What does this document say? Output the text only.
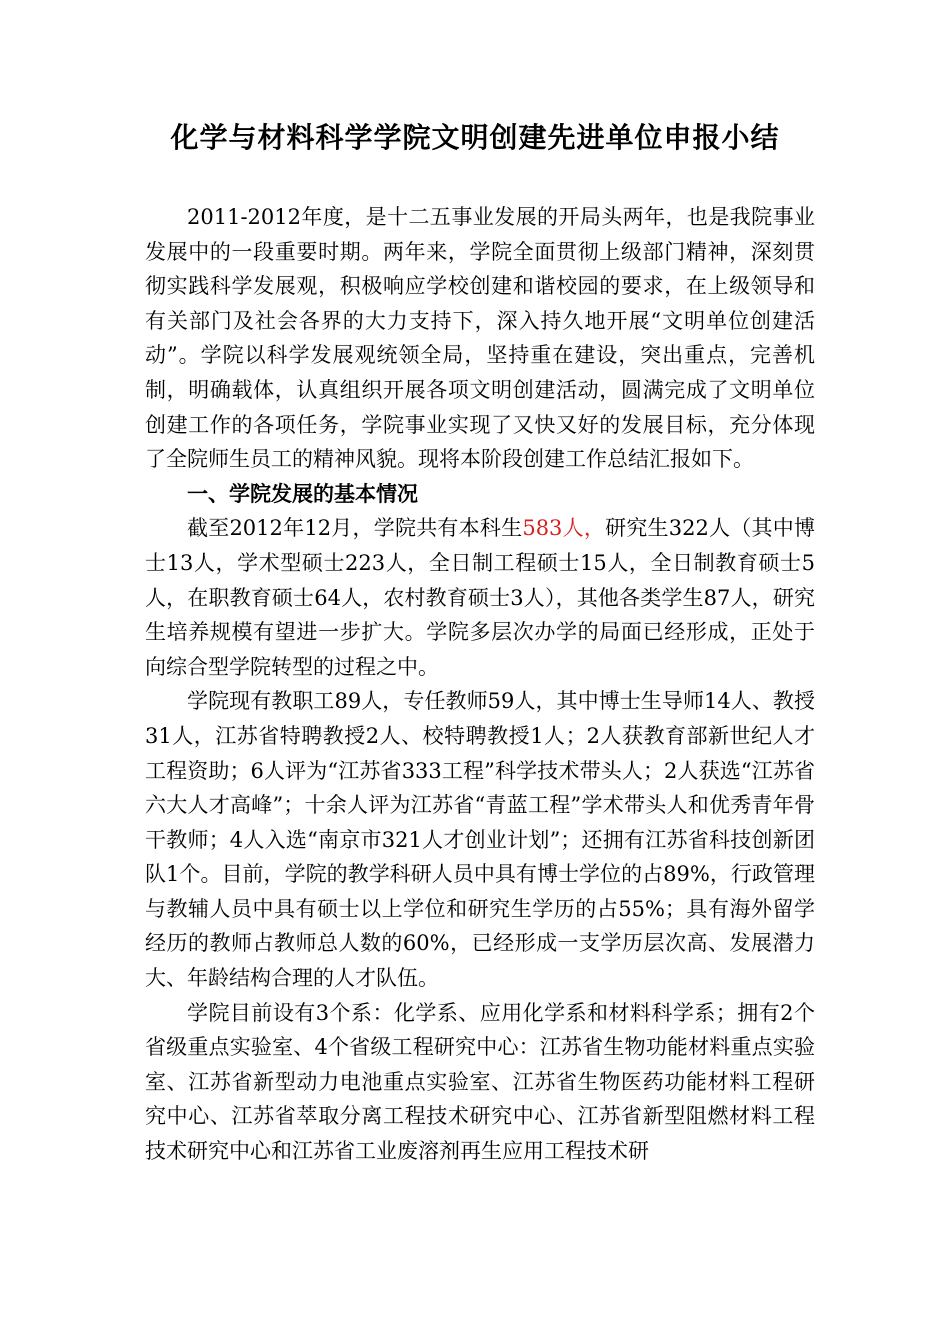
化学与材料科学学院文明创建先进单位申报小结

2011-2012年度，是十二五事业发展的开局头两年，也是我院事业发展中的一段重要时期。两年来，学院全面贯彻上级部门精神，深刻贯彻实践科学发展观，积极响应学校创建和谐校园的要求，在上级领导和有关部门及社会各界的大力支持下，深入持久地开展“文明单位创建活动”。学院以科学发展观统领全局，坚持重在建设，突出重点，完善机制，明确载体，认真组织开展各项文明创建活动，圆满完成了文明单位创建工作的各项任务，学院事业实现了又快又好的发展目标，充分体现了全院师生员工的精神风貌。现将本阶段创建工作总结汇报如下。

一、学院发展的基本情况

截至2012年12月，学院共有本科生583人，研究生322人（其中博士13人，学术型硕士223人，全日制工程硕士15人，全日制教育硕士5人，在职教育硕士64人，农村教育硕士3人），其他各类学生87人，研究生培养规模有望进一步扩大。学院多层次办学的局面已经形成，正处于向综合型学院转型的过程之中。

学院现有教职工89人，专任教师59人，其中博士生导师14人、教授31人，江苏省特聘教授2人、校特聘教授1人；2人获教育部新世纪人才工程资助；6人评为“江苏省333工程”科学技术带头人；2人获选“江苏省六大人才高峰”；十余人评为江苏省“青蓝工程”学术带头人和优秀青年骨干教师；4人入选“南京市321人才创业计划”；还拥有江苏省科技创新团队1个。目前，学院的教学科研人员中具有博士学位的占89%，行政管理与教辅人员中具有硕士以上学位和研究生学历的占55%；具有海外留学经历的教师占教师总人数的60%，已经形成一支学历层次高、发展潜力大、年龄结构合理的人才队伍。

学院目前设有3个系：化学系、应用化学系和材料科学系；拥有2个省级重点实验室、4个省级工程研究中心：江苏省生物功能材料重点实验室、江苏省新型动力电池重点实验室、江苏省生物医药功能材料工程研究中心、江苏省萃取分离工程技术研究中心、江苏省新型阻燃材料工程技术研究中心和江苏省工业废溶剂再生应用工程技术研
